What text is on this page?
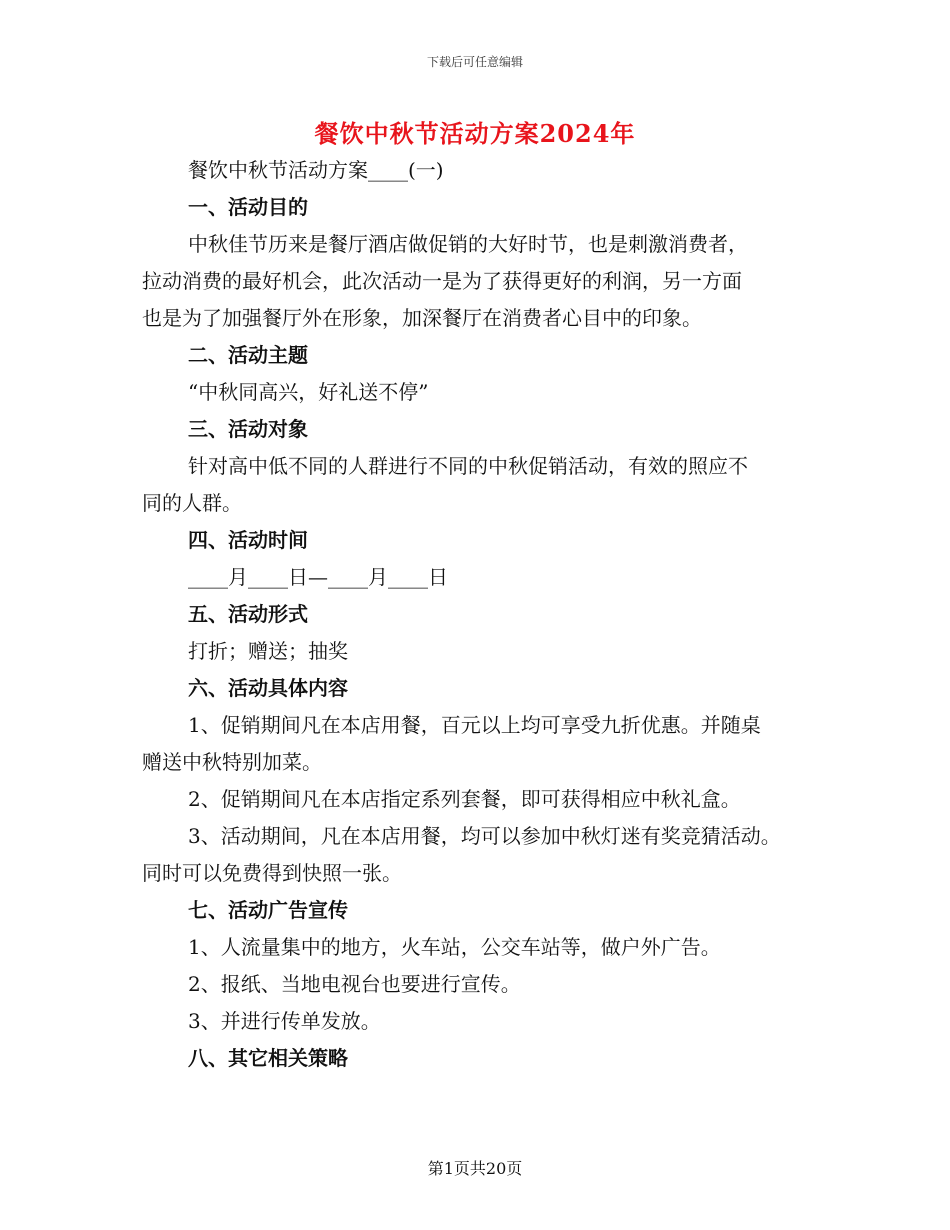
下载后可任意编辑
餐饮中秋节活动方案2024年
餐饮中秋节活动方案____(一)
一、活动目的
中秋佳节历来是餐厅酒店做促销的大好时节，也是刺激消费者，
拉动消费的最好机会，此次活动一是为了获得更好的利润，另一方面
也是为了加强餐厅外在形象，加深餐厅在消费者心目中的印象。
二、活动主题
“中秋同高兴，好礼送不停”
三、活动对象
针对高中低不同的人群进行不同的中秋促销活动，有效的照应不
同的人群。
四、活动时间
____月____日—____月____日
五、活动形式
打折；赠送；抽奖
六、活动具体内容
1、促销期间凡在本店用餐，百元以上均可享受九折优惠。并随桌
赠送中秋特别加菜。
2、促销期间凡在本店指定系列套餐，即可获得相应中秋礼盒。
3、活动期间，凡在本店用餐，均可以参加中秋灯迷有奖竞猜活动。
同时可以免费得到快照一张。
七、活动广告宣传
1、人流量集中的地方，火车站，公交车站等，做户外广告。
2、报纸、当地电视台也要进行宣传。
3、并进行传单发放。
八、其它相关策略
第1页共20页
